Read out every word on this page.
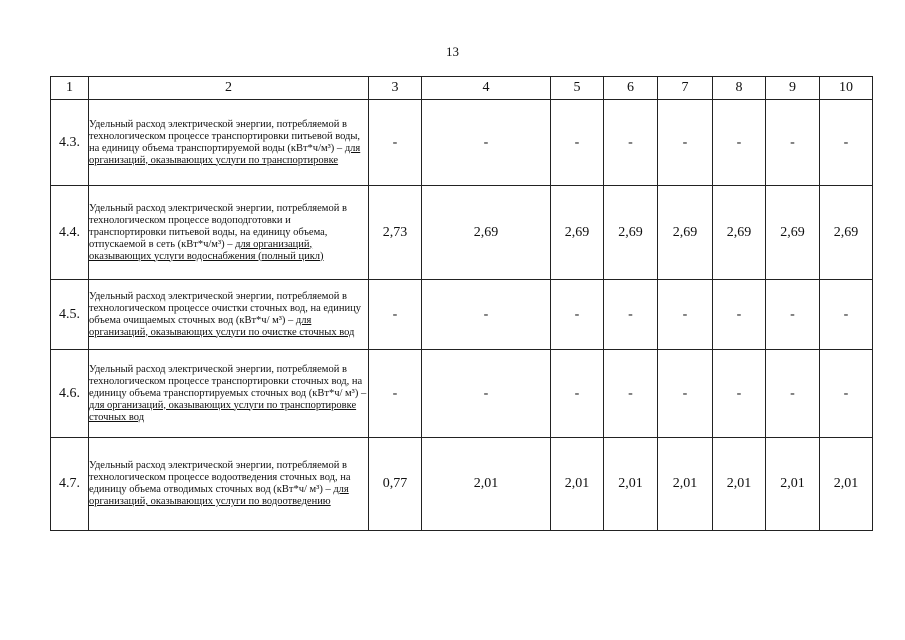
13
1	2	3	4	5	6	7	8	9	10
4.3.	Удельный расход электрической энергии, потребляемой в технологическом процессе транспортировки питьевой воды, на единицу объема транспортируемой воды (кВт*ч/м³) – для организаций, оказывающих услуги по транспортировке	-	-	-	-	-	-	-	-
4.4.	Удельный расход электрической энергии, потребляемой в технологическом процессе водоподготовки и транспортировки питьевой воды, на единицу объема, отпускаемой в сеть (кВт*ч/м³) – для организаций, оказывающих услуги водоснабжения (полный цикл)	2,73	2,69	2,69	2,69	2,69	2,69	2,69	2,69
4.5.	Удельный расход электрической энергии, потребляемой в технологическом процессе очистки сточных вод, на единицу объема очищаемых сточных вод (кВт*ч/ м³) – для организаций, оказывающих услуги по очистке сточных вод	-	-	-	-	-	-	-	-
4.6.	Удельный расход электрической энергии, потребляемой в технологическом процессе транспортировки сточных вод, на единицу объема транспортируемых сточных вод (кВт*ч/ м³) – для организаций, оказывающих услуги по транспортировке сточных вод	-	-	-	-	-	-	-	-
4.7.	Удельный расход электрической энергии, потребляемой в технологическом процессе водоотведения сточных вод, на единицу объема отводимых сточных вод (кВт*ч/ м³) – для организаций, оказывающих услуги по водоотведению	0,77	2,01	2,01	2,01	2,01	2,01	2,01	2,01
